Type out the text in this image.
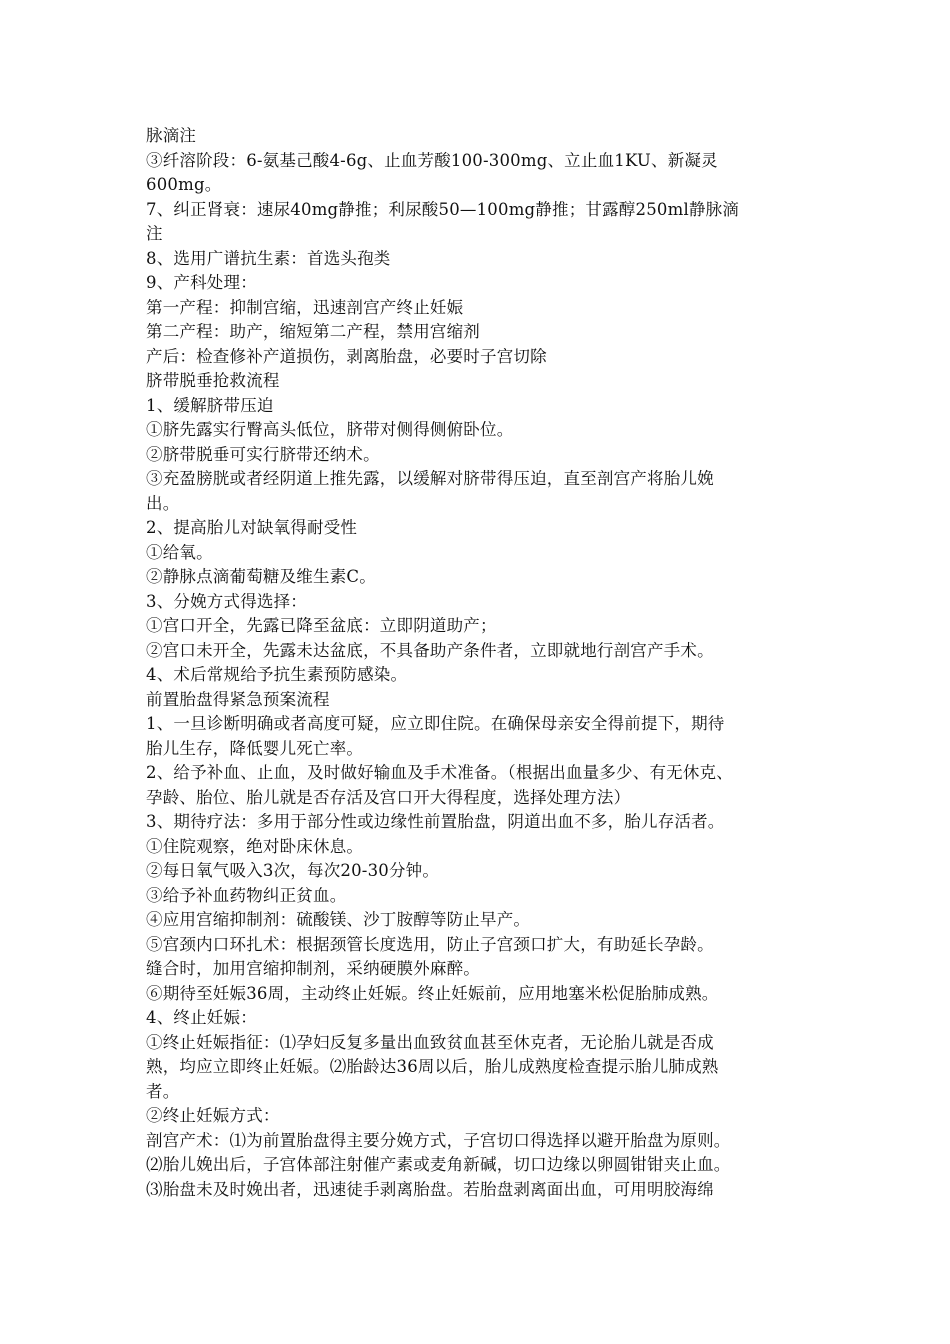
脉滴注
③纤溶阶段：6-氨基己酸4-6g、止血芳酸100-300mg、立止血1KU、新凝灵
600mg。
7、纠正肾衰：速尿40mg静推；利尿酸50—100mg静推；甘露醇250ml静脉滴
注
8、选用广谱抗生素：首选头孢类
9、产科处理：
第一产程：抑制宫缩，迅速剖宫产终止妊娠
第二产程：助产，缩短第二产程，禁用宫缩剂
产后：检查修补产道损伤，剥离胎盘，必要时子宫切除
脐带脱垂抢救流程
1、缓解脐带压迫
①脐先露实行臀高头低位，脐带对侧得侧俯卧位。
②脐带脱垂可实行脐带还纳术。
③充盈膀胱或者经阴道上推先露，以缓解对脐带得压迫，直至剖宫产将胎儿娩
出。
2、提高胎儿对缺氧得耐受性
①给氧。
②静脉点滴葡萄糖及维生素C。
3、分娩方式得选择：
①宫口开全，先露已降至盆底：立即阴道助产；
②宫口未开全，先露未达盆底，不具备助产条件者，立即就地行剖宫产手术。
4、术后常规给予抗生素预防感染。
前置胎盘得紧急预案流程
1、一旦诊断明确或者高度可疑，应立即住院。在确保母亲安全得前提下，期待
胎儿生存，降低婴儿死亡率。
2、给予补血、止血，及时做好输血及手术准备。（根据出血量多少、有无休克、
孕龄、胎位、胎儿就是否存活及宫口开大得程度，选择处理方法）
3、期待疗法：多用于部分性或边缘性前置胎盘，阴道出血不多，胎儿存活者。
①住院观察，绝对卧床休息。
②每日氧气吸入3次，每次20-30分钟。
③给予补血药物纠正贫血。
④应用宫缩抑制剂：硫酸镁、沙丁胺醇等防止早产。
⑤宫颈内口环扎术：根据颈管长度选用，防止子宫颈口扩大，有助延长孕龄。
缝合时，加用宫缩抑制剂，采纳硬膜外麻醉。
⑥期待至妊娠36周，主动终止妊娠。终止妊娠前，应用地塞米松促胎肺成熟。
4、终止妊娠：
①终止妊娠指征：⑴孕妇反复多量出血致贫血甚至休克者，无论胎儿就是否成
熟，均应立即终止妊娠。⑵胎龄达36周以后，胎儿成熟度检查提示胎儿肺成熟
者。
②终止妊娠方式：
剖宫产术：⑴为前置胎盘得主要分娩方式，子宫切口得选择以避开胎盘为原则。
⑵胎儿娩出后，子宫体部注射催产素或麦角新碱，切口边缘以卵圆钳钳夹止血。
⑶胎盘未及时娩出者，迅速徒手剥离胎盘。若胎盘剥离面出血，可用明胶海绵
